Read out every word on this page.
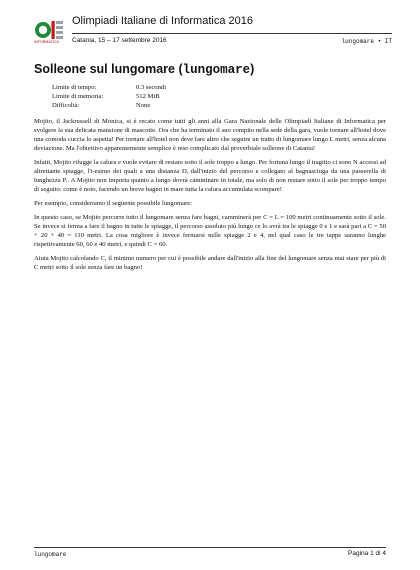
INFORMATICA
Olimpiadi Italiane di Informatica 2016
Catania, 15 – 17 settembre 2016	lungomare • IT
Solleone sul lungomare (lungomare)
Limite di tempo:	0.3 secondi
Limite di memoria:	512 MiB
Difficoltà:	None

Mojito, il Jackrussell di Monica, si è recato come tutti gli anni alla Gara Nazionale delle Olimpiadi Italiane di Informatica per svolgere la sua delicata mansione di mascotte. Ora che ha terminato il suo compito nella sede della gara, vuole tornare all'hotel dove una comoda cuccia lo aspetta! Per tornare all'hotel non deve fare altro che seguire un tratto di lungomare lungo L metri, senza alcuna deviazione. Ma l'obiettivo apparentemente semplice è reso complicato dal proverbiale solleone di Catania!

Infatti, Mojito rifugge la calura e vuole evitare di restare sotto il sole troppo a lungo. Per fortuna lungo il tragitto ci sono N accessi ad altrettante spiagge, l'i-esimo dei quali a una distanza Dᵢ dall'inizio del percorso e collegato al bagnasciuga da una passerella di lunghezza Pᵢ. A Mojito non importa quanto a lungo dovrà camminare in totale, ma solo di non restare sotto il sole per troppo tempo di seguito: come è noto, facendo un breve bagno in mare tutta la calura accumulata scompare!

Per esempio, consideriamo il seguente possibile lungomare:

In questo caso, se Mojito percorre tutto il lungomare senza fare bagni, camminerà per C = L = 100 metri continuamente sotto il sole. Se invece si ferma a fare il bagno in tutte le spiagge, il percorso assoluto più lungo ce lo avrà tra le spiagge 0 e 1 e sarà pari a C = 50 + 20 + 40 = 110 metri. La cosa migliore è invece fermarsi nelle spiagge 2 e 4, nel qual caso le tre tappe saranno lunghe rispettivamente 60, 60 e 40 metri, e quindi C = 60.

Aiuta Mojito calcolando C, il minimo numero per cui è possibile andare dall'inizio alla fine del lungomare senza mai stare per più di C metri sotto il sole senza fare un bagno!

lungomare	Pagina 1 di 4
